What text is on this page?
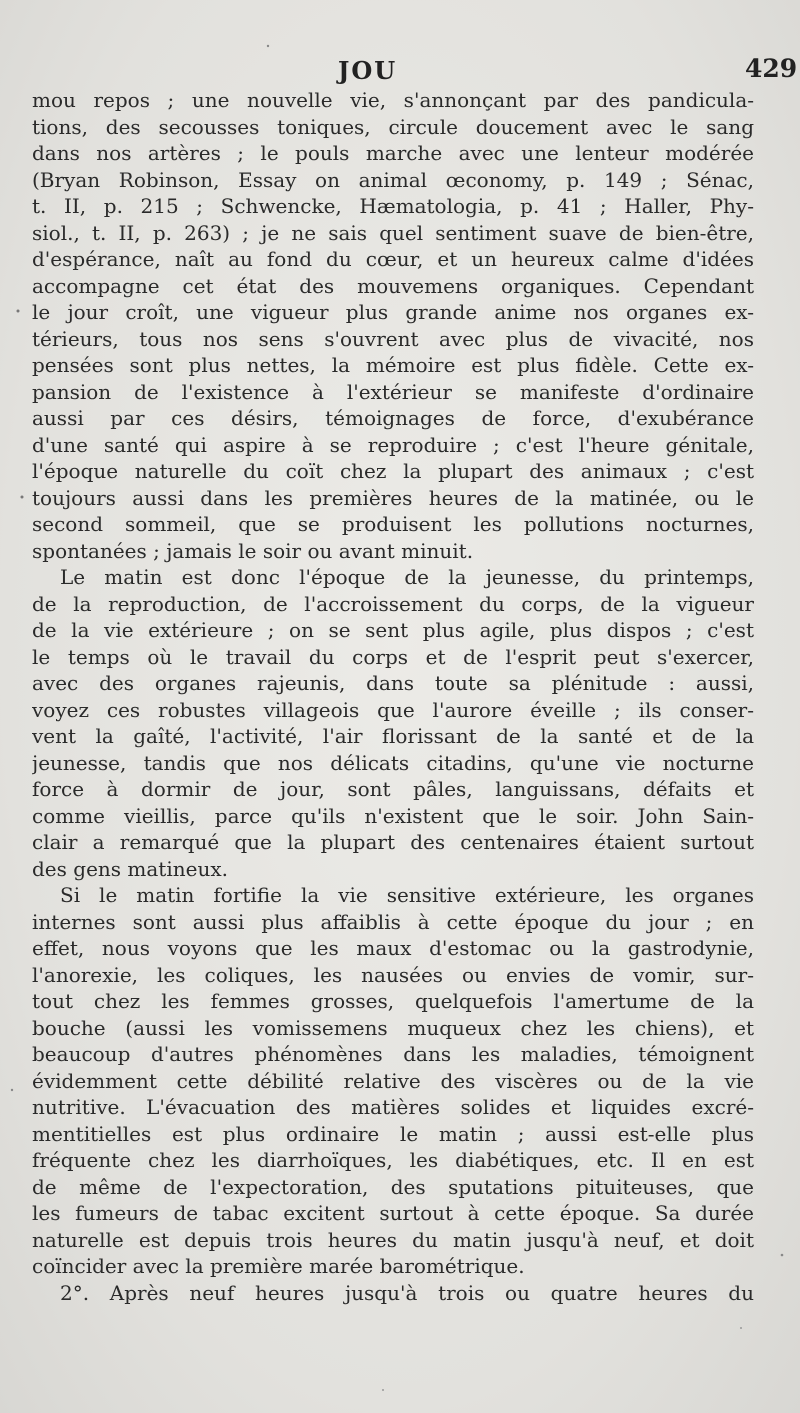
JOU	429
mou repos ; une nouvelle vie, s'annonçant par des pandicula-
tions, des secousses toniques, circule doucement avec le sang
dans nos artères ; le pouls marche avec une lenteur modérée
(Bryan Robinson, Essay on animal œconomy, p. 149 ; Sénac,
t. II, p. 215 ; Schwencke, Hæmatologia, p. 41 ; Haller, Phy-
siol., t. II, p. 263) ; je ne sais quel sentiment suave de bien-être,
d'espérance, naît au fond du cœur, et un heureux calme d'idées
accompagne cet état des mouvemens organiques. Cependant
le jour croît, une vigueur plus grande anime nos organes ex-
térieurs, tous nos sens s'ouvrent avec plus de vivacité, nos
pensées sont plus nettes, la mémoire est plus fidèle. Cette ex-
pansion de l'existence à l'extérieur se manifeste d'ordinaire
aussi par ces désirs, témoignages de force, d'exubérance
d'une santé qui aspire à se reproduire ; c'est l'heure génitale,
l'époque naturelle du coït chez la plupart des animaux ; c'est
toujours aussi dans les premières heures de la matinée, ou le
second sommeil, que se produisent les pollutions nocturnes,
spontanées ; jamais le soir ou avant minuit.
Le matin est donc l'époque de la jeunesse, du printemps,
de la reproduction, de l'accroissement du corps, de la vigueur
de la vie extérieure ; on se sent plus agile, plus dispos ; c'est
le temps où le travail du corps et de l'esprit peut s'exercer,
avec des organes rajeunis, dans toute sa plénitude : aussi,
voyez ces robustes villageois que l'aurore éveille ; ils conser-
vent la gaîté, l'activité, l'air florissant de la santé et de la
jeunesse, tandis que nos délicats citadins, qu'une vie nocturne
force à dormir de jour, sont pâles, languissans, défaits et
comme vieillis, parce qu'ils n'existent que le soir. John Sain-
clair a remarqué que la plupart des centenaires étaient surtout
des gens matineux.
Si le matin fortifie la vie sensitive extérieure, les organes
internes sont aussi plus affaiblis à cette époque du jour ; en
effet, nous voyons que les maux d'estomac ou la gastrodynie,
l'anorexie, les coliques, les nausées ou envies de vomir, sur-
tout chez les femmes grosses, quelquefois l'amertume de la
bouche (aussi les vomissemens muqueux chez les chiens), et
beaucoup d'autres phénomènes dans les maladies, témoignent
évidemment cette débilité relative des viscères ou de la vie
nutritive. L'évacuation des matières solides et liquides excré-
mentitielles est plus ordinaire le matin ; aussi est-elle plus
fréquente chez les diarrhoïques, les diabétiques, etc. Il en est
de même de l'expectoration, des sputations pituiteuses, que
les fumeurs de tabac excitent surtout à cette époque. Sa durée
naturelle est depuis trois heures du matin jusqu'à neuf, et doit
coïncider avec la première marée barométrique.
2°. Après neuf heures jusqu'à trois ou quatre heures du
